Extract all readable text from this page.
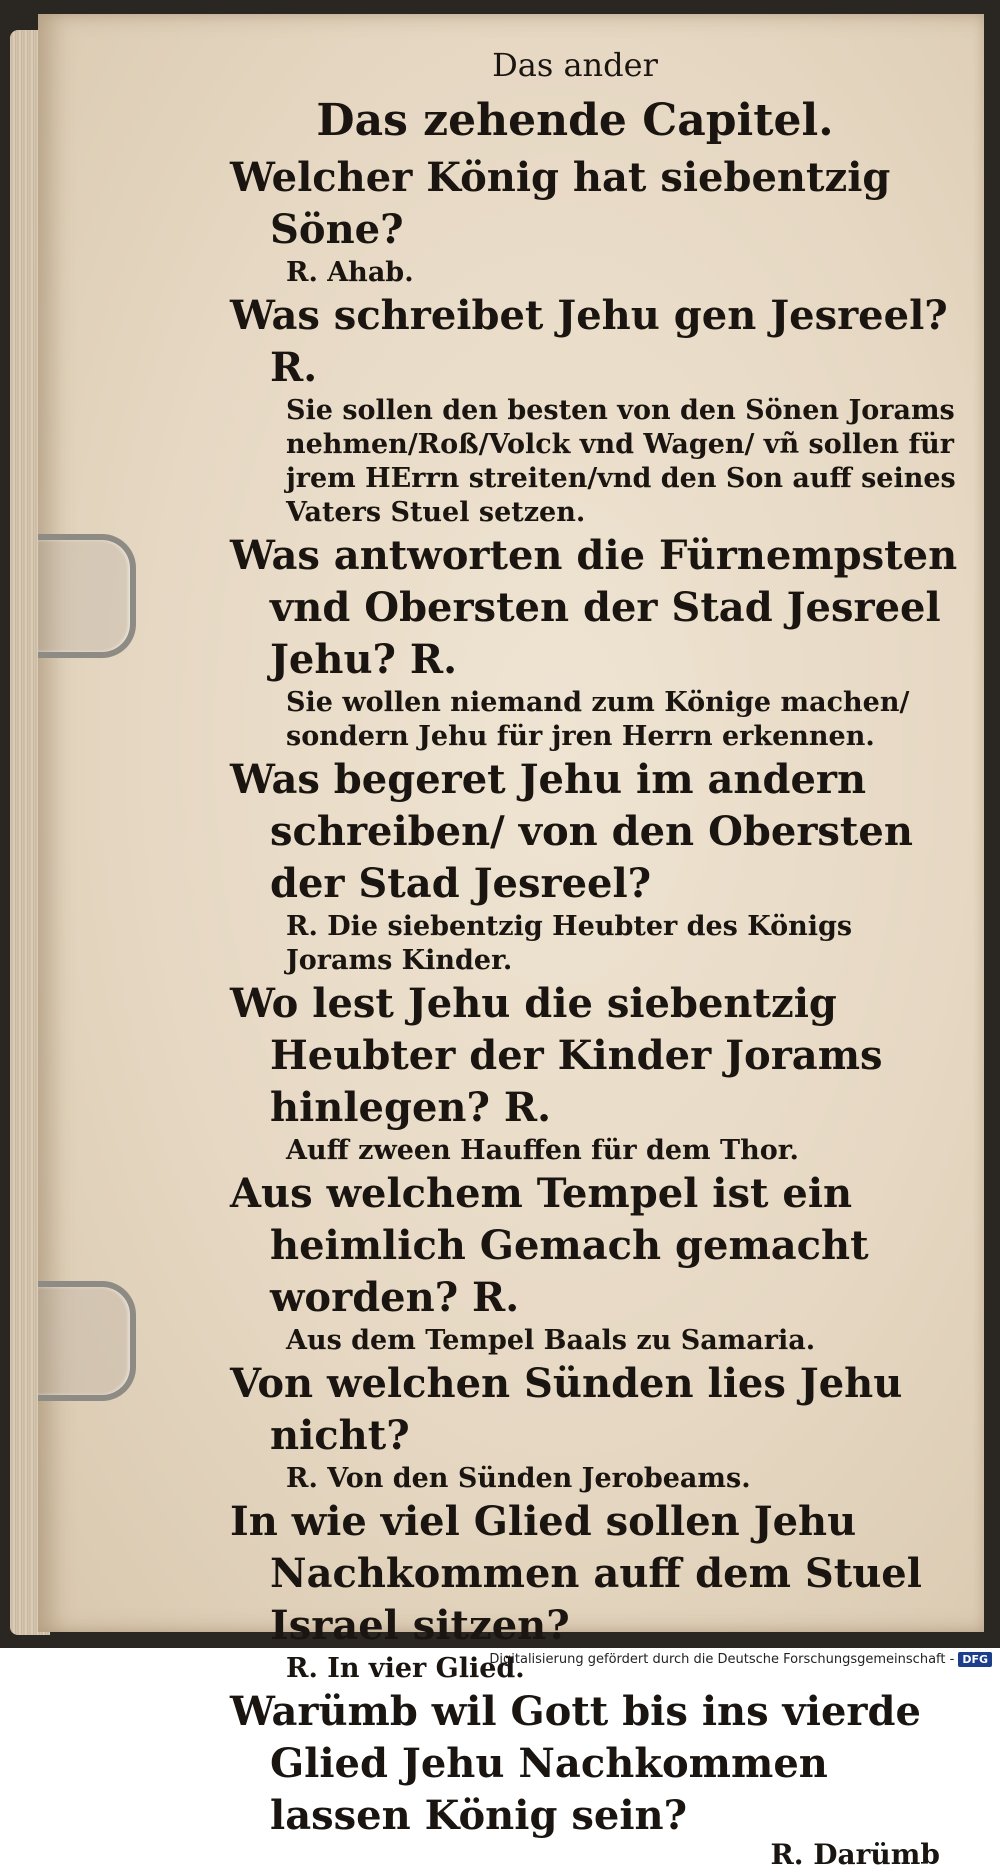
Das ander
Das zehende Capitel.
Welcher König hat siebentzig Söne?
R. Ahab.
Was schreibet Jehu gen Jesreel? R.
Sie sollen den besten von den Sönen Jorams nehmen/Roß/Volck vnd Wagen/ vñ sollen für jrem HErrn streiten/vnd den Son auff seines Vaters Stuel setzen.
Was antworten die Fürnempsten vnd Obersten der Stad Jesreel Jehu? R.
Sie wollen niemand zum Könige machen/ sondern Jehu für jren Herrn erkennen.
Was begeret Jehu im andern schreiben/ von den Obersten der Stad Jesreel?
R. Die siebentzig Heubter des Königs Jorams Kinder.
Wo lest Jehu die siebentzig Heubter der Kinder Jorams hinlegen? R.
Auff zween Hauffen für dem Thor.
Aus welchem Tempel ist ein heimlich Gemach gemacht worden? R.
Aus dem Tempel Baals zu Samaria.
Von welchen Sünden lies Jehu nicht?
R. Von den Sünden Jerobeams.
In wie viel Glied sollen Jehu Nachkommen auff dem Stuel Israel sitzen?
R. In vier Glied.
Warümb wil Gott bis ins vierde Glied Jehu Nachkommen lassen König sein?
R. Darümb
Digitalisierung gefördert durch die Deutsche Forschungsgemeinschaft - DFG
